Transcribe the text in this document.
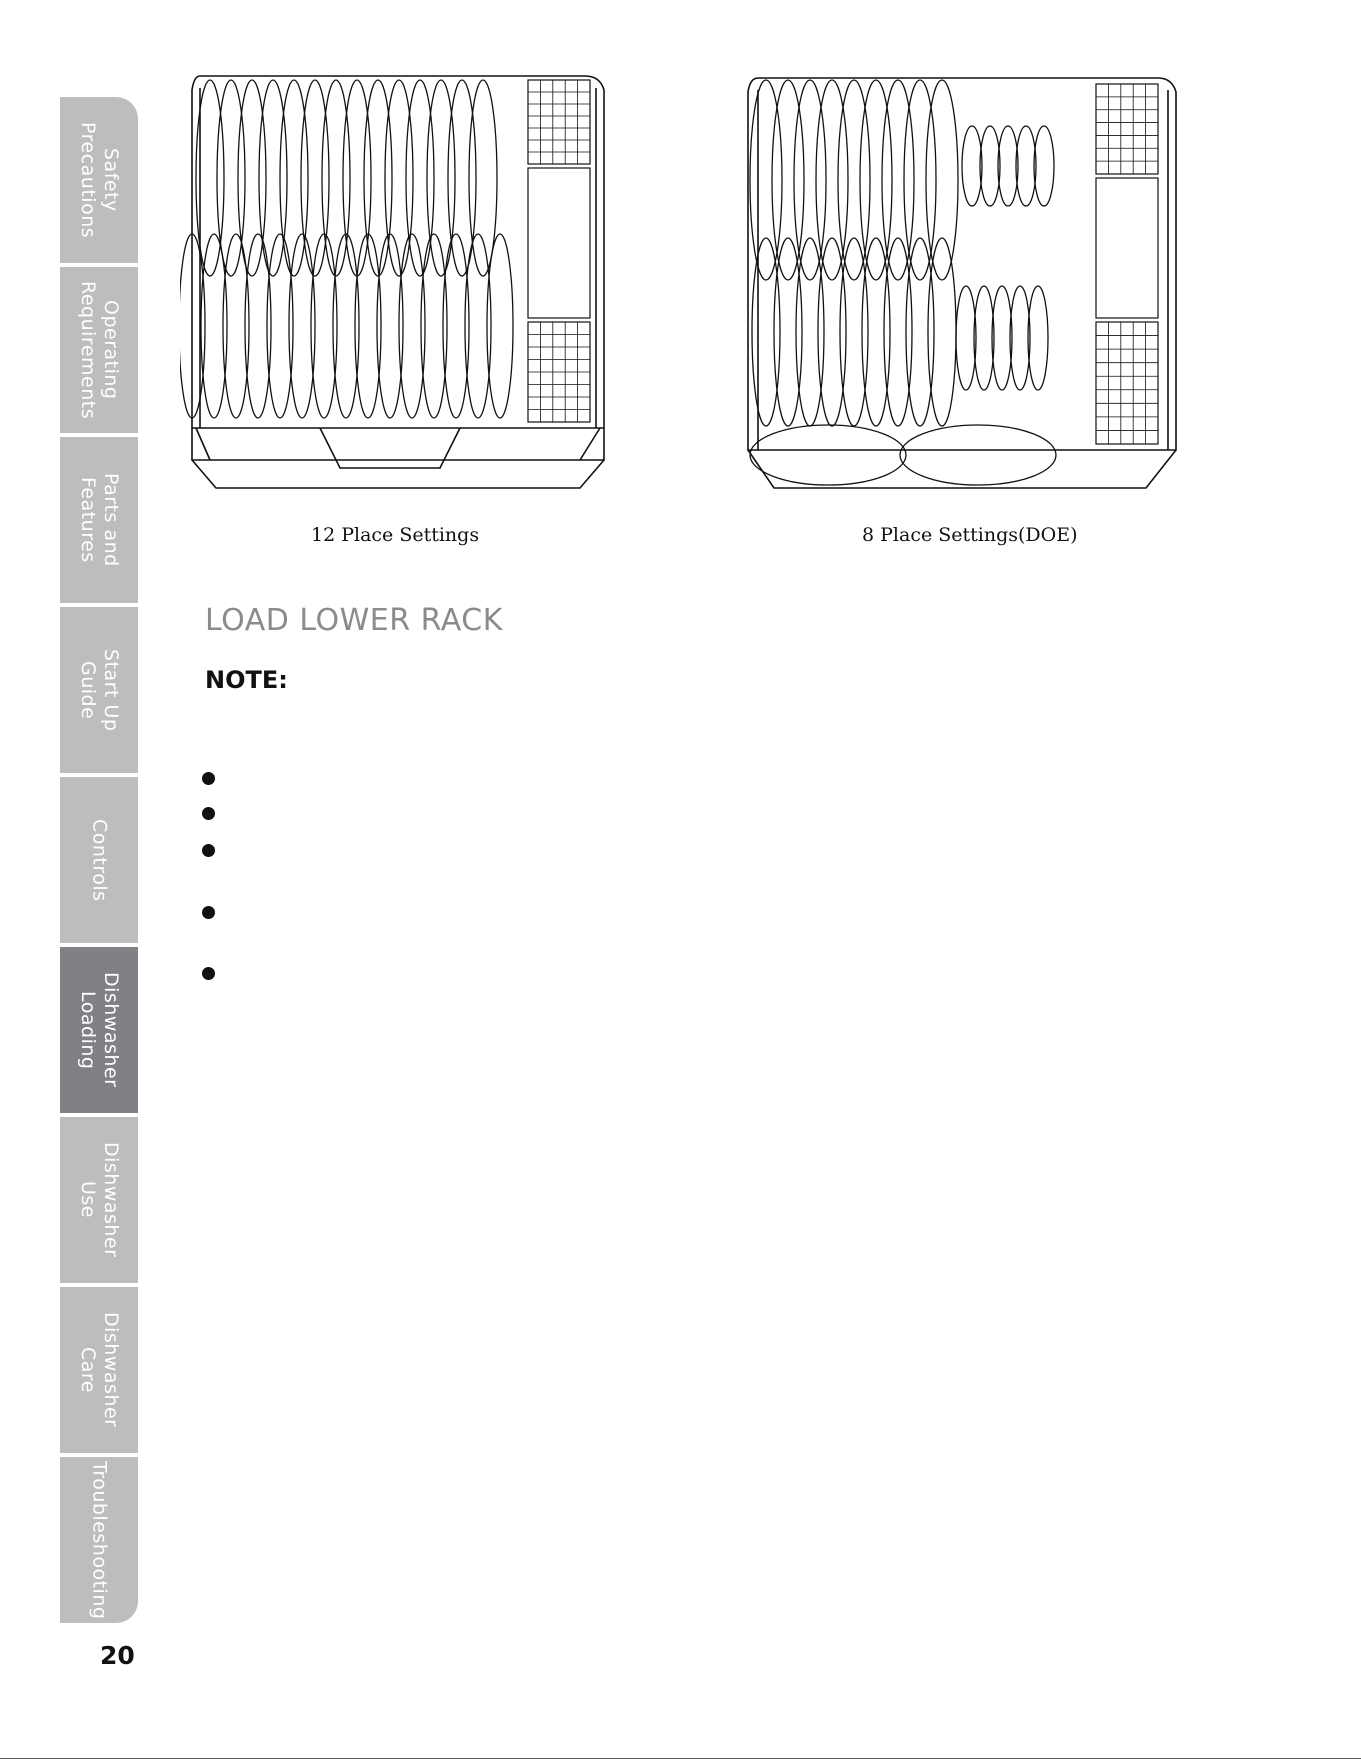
Safety
Precautions
Operating
Requirements
Parts and
Features
Start Up
Guide
Controls
Dishwasher
Loading
Dishwasher
Use
Dishwasher
Care
Troubleshooting
20
12 Place Settings	8 Place Settings(DOE)
LOAD LOWER RACK
NOTE:
